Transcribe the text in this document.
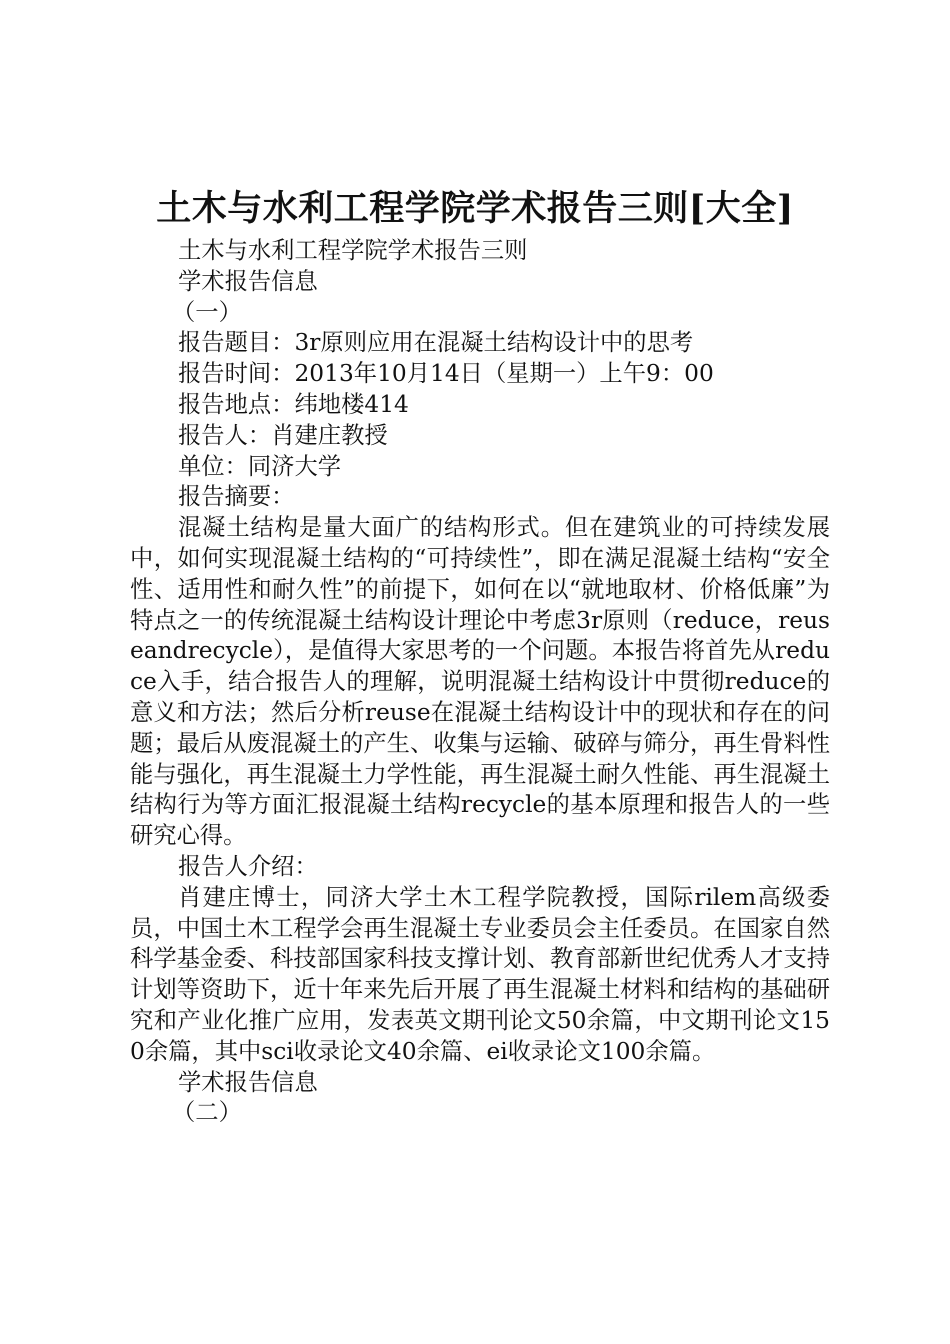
土木与水利工程学院学术报告三则[大全]

土木与水利工程学院学术报告三则

学术报告信息

（一）

报告题目：3r原则应用在混凝土结构设计中的思考

报告时间：2013年10月14日（星期一）上午9：00

报告地点：纬地楼414

报告人：肖建庄教授

单位：同济大学

报告摘要：

混凝土结构是量大面广的结构形式。但在建筑业的可持续发展中，如何实现混凝土结构的“可持续性”，即在满足混凝土结构“安全性、适用性和耐久性”的前提下，如何在以“就地取材、价格低廉”为特点之一的传统混凝土结构设计理论中考虑3r原则（reduce，reuseandrecycle），是值得大家思考的一个问题。本报告将首先从reduce入手，结合报告人的理解，说明混凝土结构设计中贯彻reduce的意义和方法；然后分析reuse在混凝土结构设计中的现状和存在的问题；最后从废混凝土的产生、收集与运输、破碎与筛分，再生骨料性能与强化，再生混凝土力学性能，再生混凝土耐久性能、再生混凝土结构行为等方面汇报混凝土结构recycle的基本原理和报告人的一些研究心得。

报告人介绍：

肖建庄博士，同济大学土木工程学院教授，国际rilem高级委员，中国土木工程学会再生混凝土专业委员会主任委员。在国家自然科学基金委、科技部国家科技支撑计划、教育部新世纪优秀人才支持计划等资助下，近十年来先后开展了再生混凝土材料和结构的基础研究和产业化推广应用，发表英文期刊论文50余篇，中文期刊论文150余篇，其中sci收录论文40余篇、ei收录论文100余篇。

学术报告信息

（二）
